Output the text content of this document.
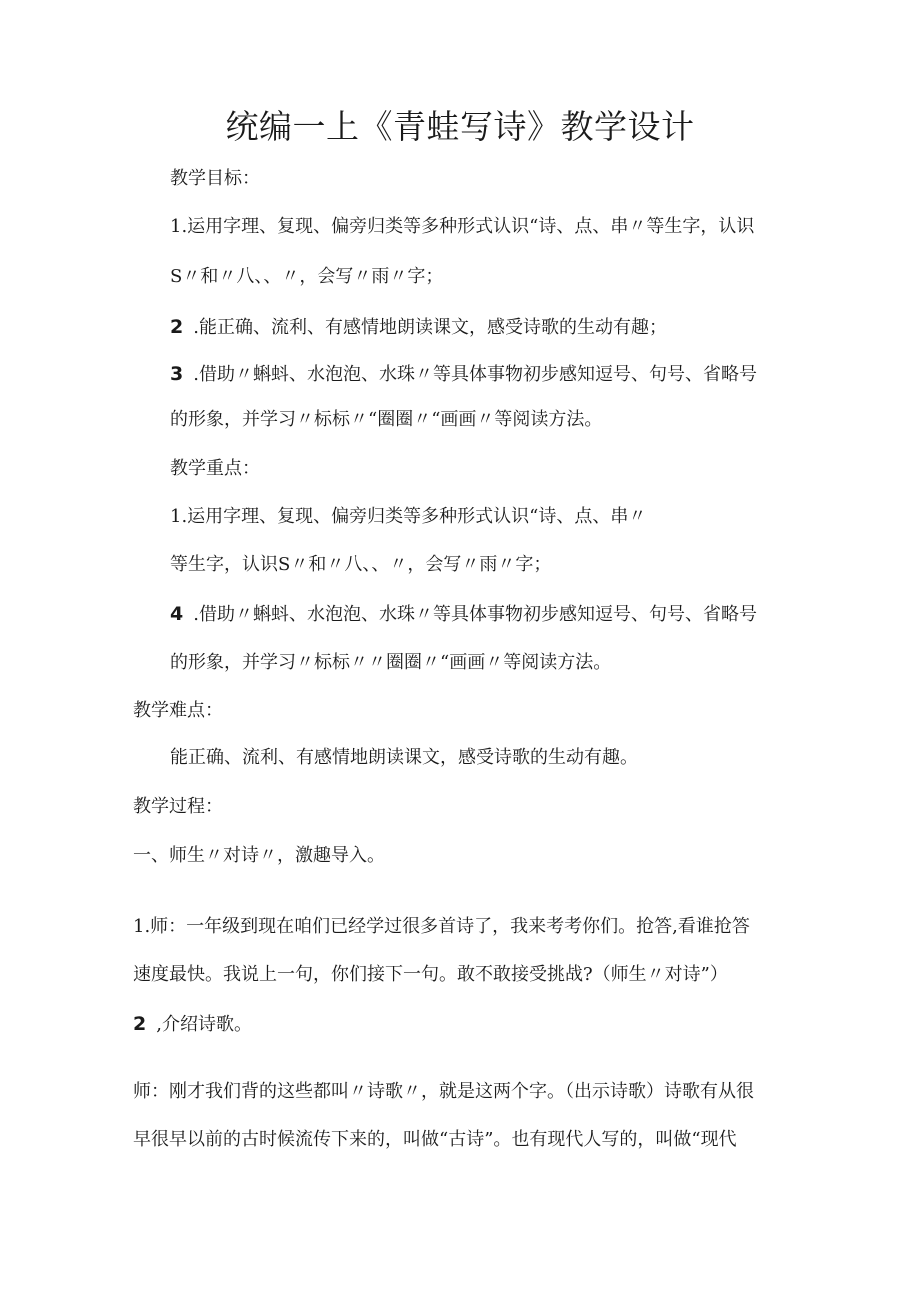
统编一上《青蛙写诗》教学设计
教学目标：
1.运用字理、复现、偏旁归类等多种形式认识“诗、点、串〃等生字，认识
S〃和〃八、、〃，会写〃雨〃字；
2 .能正确、流利、有感情地朗读课文，感受诗歌的生动有趣；
3 .借助〃蝌蚪、水泡泡、水珠〃等具体事物初步感知逗号、句号、省略号
的形象，并学习〃标标〃“圈圈〃“画画〃等阅读方法。
教学重点：
1.运用字理、复现、偏旁归类等多种形式认识“诗、点、串〃
等生字，认识S〃和〃八、、〃，会写〃雨〃字；
4 .借助〃蝌蚪、水泡泡、水珠〃等具体事物初步感知逗号、句号、省略号
的形象，并学习〃标标〃〃圈圈〃“画画〃等阅读方法。
教学难点：
能正确、流利、有感情地朗读课文，感受诗歌的生动有趣。
教学过程：
一、师生〃对诗〃，激趣导入。
1.师：一年级到现在咱们已经学过很多首诗了，我来考考你们。抢答,看谁抢答
速度最快。我说上一句，你们接下一句。敢不敢接受挑战?（师生〃对诗”）
2 ,介绍诗歌。
师：刚才我们背的这些都叫〃诗歌〃，就是这两个字。（出示诗歌）诗歌有从很
早很早以前的古时候流传下来的，叫做“古诗”。也有现代人写的，叫做“现代
